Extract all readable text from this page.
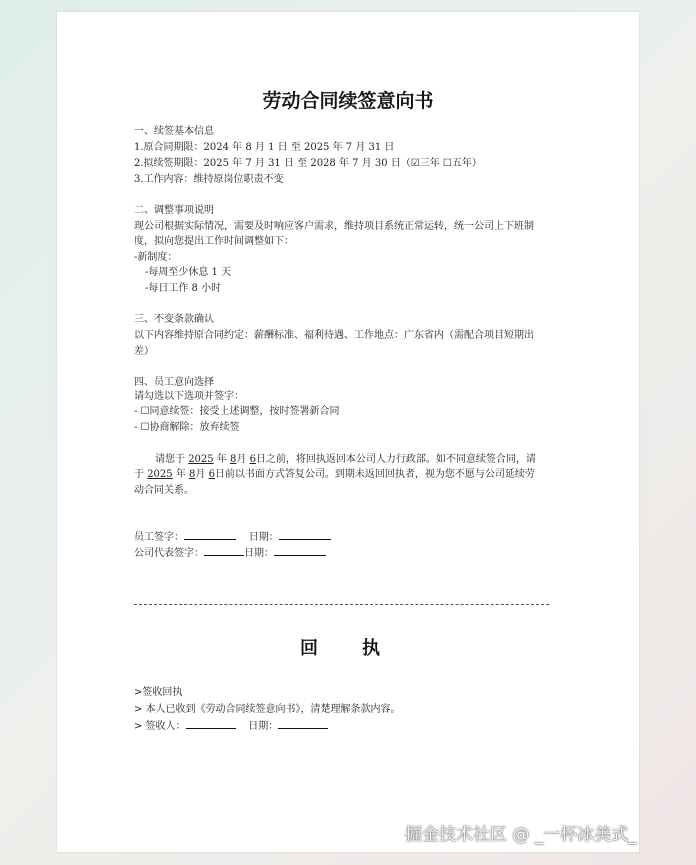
劳动合同续签意向书
一、续签基本信息
1.原合同期限：2024 年 8 月 1 日 至 2025 年 7 月 31 日
2.拟续签期限：2025 年 7 月 31 日 至 2028 年 7 月 30 日（☑三年 ☐五年）
3.工作内容：维持原岗位职责不变
二、调整事项说明
现公司根据实际情况，需要及时响应客户需求，维持项目系统正常运转，统一公司上下班制
度，拟向您提出工作时间调整如下：
-新制度：
-每周至少休息 1 天
-每日工作 8 小时
三、不变条款确认
以下内容维持原合同约定：薪酬标准、福利待遇、工作地点：广东省内（需配合项目短期出
差）
四、员工意向选择
请勾选以下选项并签字：
- ☐同意续签：接受上述调整，按时签署新合同
- ☐协商解除：放弃续签
请您于 2025 年 8月 6日之前，将回执返回本公司人力行政部。如不同意续签合同，请
于 2025 年 8月 6日前以书面方式答复公司。到期未返回回执者，视为您不愿与公司延续劳
动合同关系。
员工签字：	日期：
公司代表签字：	日期：
回 执
>签收回执
> 本人已收到《劳动合同续签意向书》，清楚理解条款内容。
> 签收人：	日期：
掘金技术社区 @ _一杯冰美式_
